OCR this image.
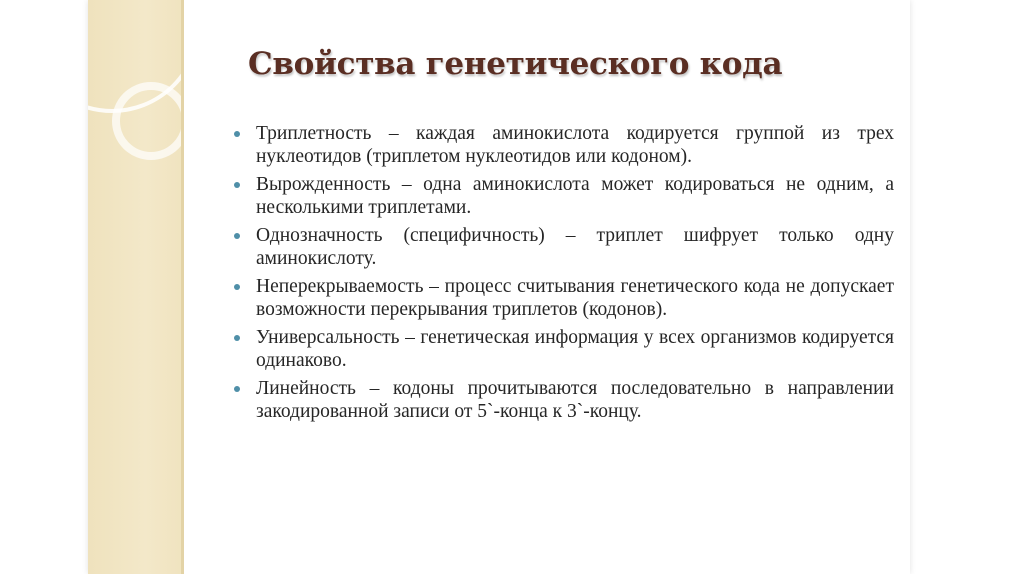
Свойства генетического кода
Триплетность – каждая аминокислота кодируется группой из трех нуклеотидов (триплетом нуклеотидов или кодоном).
Вырожденность – одна аминокислота может кодироваться не одним, а несколькими триплетами.
Однозначность (специфичность) – триплет шифрует только одну аминокислоту.
Неперекрываемость – процесс считывания генетического кода не допускает возможности перекрывания триплетов (кодонов).
Универсальность – генетическая информация у всех организмов кодируется одинаково.
Линейность – кодоны прочитываются последовательно в направлении закодированной записи от 5`-конца к 3`-концу.
